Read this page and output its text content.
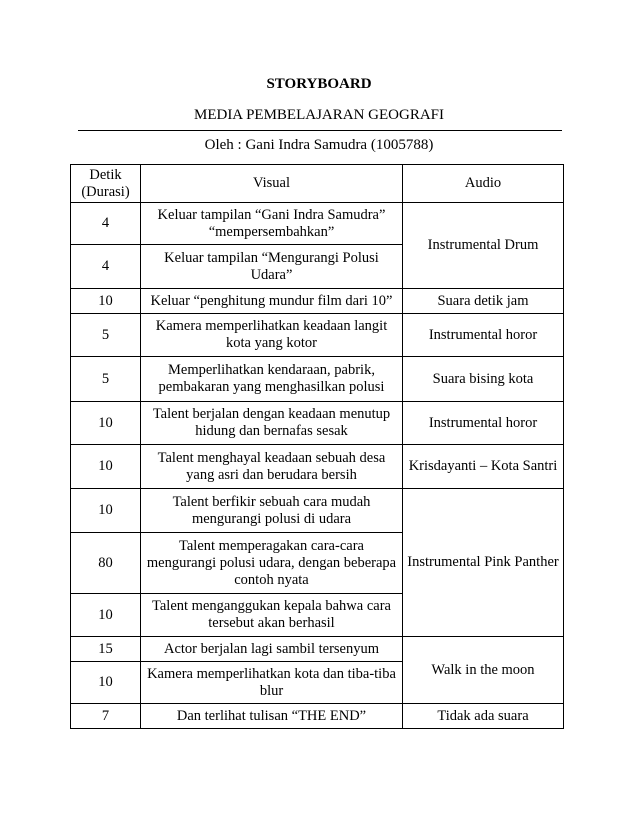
STORYBOARD
MEDIA PEMBELAJARAN GEOGRAFI
Oleh : Gani Indra Samudra (1005788)
Detik
(Durasi)	Visual	Audio
4	Keluar tampilan “Gani Indra Samudra” “mempersembahkan”	Instrumental Drum
4	Keluar tampilan “Mengurangi Polusi Udara”	
10	Keluar “penghitung mundur film dari 10”	Suara detik jam
5	Kamera memperlihatkan keadaan langit kota yang kotor	Instrumental horor
5	Memperlihatkan kendaraan, pabrik, pembakaran yang menghasilkan polusi	Suara bising kota
10	Talent berjalan dengan keadaan menutup hidung dan bernafas sesak	Instrumental horor
10	Talent menghayal keadaan sebuah desa yang asri dan berudara bersih	Krisdayanti – Kota Santri
10	Talent berfikir sebuah cara mudah mengurangi polusi di udara	Instrumental Pink Panther
80	Talent memperagakan cara-cara mengurangi polusi udara, dengan beberapa contoh nyata	
10	Talent menganggukan kepala bahwa cara tersebut akan berhasil	
15	Actor berjalan lagi sambil tersenyum	Walk in the moon
10	Kamera memperlihatkan kota dan tiba-tiba blur	
7	Dan terlihat tulisan “THE END”	Tidak ada suara
